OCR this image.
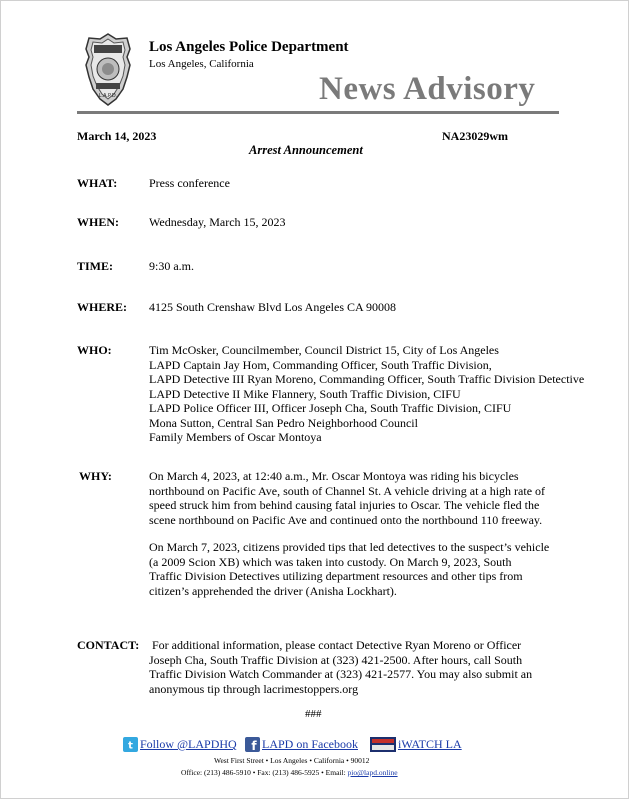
L.A.P.D.
Los Angeles Police Department
Los Angeles, California
News Advisory
March 14, 2023	NA23029wm
Arrest Announcement
WHAT:	Press conference
WHEN:	Wednesday, March 15, 2023
TIME:	9:30 a.m.
WHERE: 4125 South Crenshaw Blvd Los Angeles CA 90008
WHO:	Tim McOsker, Councilmember, Council District 15, City of Los Angeles
LAPD Captain Jay Hom, Commanding Officer, South Traffic Division,
LAPD Detective III Ryan Moreno, Commanding Officer, South Traffic Division Detective
LAPD Detective II Mike Flannery, South Traffic Division, CIFU
LAPD Police Officer III, Officer Joseph Cha, South Traffic Division, CIFU
Mona Sutton, Central San Pedro Neighborhood Council
Family Members of Oscar Montoya
WHY:	On March 4, 2023, at 12:40 a.m., Mr. Oscar Montoya was riding his bicycles
northbound on Pacific Ave, south of Channel St. A vehicle driving at a high rate of
speed struck him from behind causing fatal injuries to Oscar. The vehicle fled the
scene northbound on Pacific Ave and continued onto the northbound 110 freeway.
On March 7, 2023, citizens provided tips that led detectives to the suspect’s vehicle
(a 2009 Scion XB) which was taken into custody. On March 9, 2023, South
Traffic Division Detectives utilizing department resources and other tips from
citizen’s apprehended the driver (Anisha Lockhart).
CONTACT: For additional information, please contact Detective Ryan Moreno or Officer
Joseph Cha, South Traffic Division at (323) 421-2500. After hours, call South
Traffic Division Watch Commander at (323) 421-2577. You may also submit an
anonymous tip through lacrimestoppers.org
###
t Follow @LAPDHQ f LAPD on Facebook	iWATCH LA
West First Street • Los Angeles • California • 90012
Office: (213) 486-5910 • Fax: (213) 486-5925 • Email: pio@lapd.online
